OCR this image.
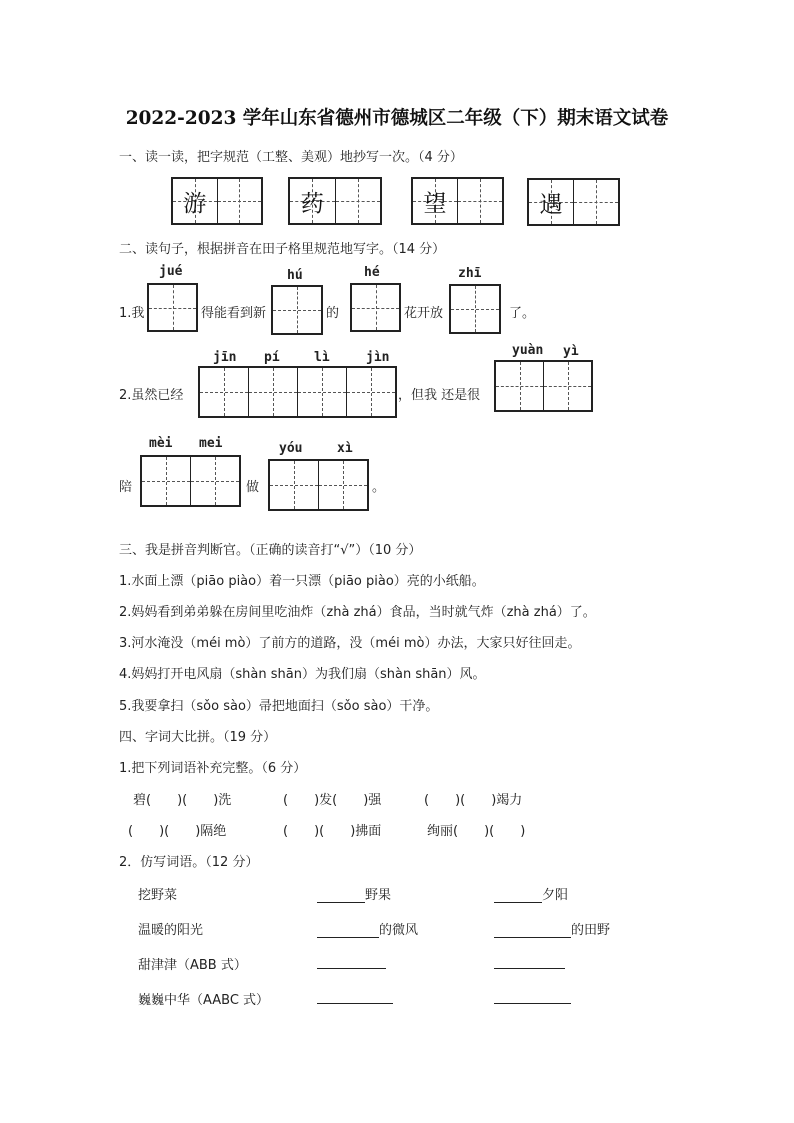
2022-2023 学年山东省德州市德城区二年级（下）期末语文试卷
一、读一读，把字规范（工整、美观）地抄写一次。（4 分）
游	药	望	遇
二、读句子，根据拼音在田子格里规范地写字。（14 分）
jué	hú	hé	zhī
1.我	得能看到新	的	花开放	了。
jīn pí	lì	jìn	yuàn yì
2.虽然已经	，但我 还是很
mèi mei	yóu	xì
陪	做	。
三、我是拼音判断官。（正确的读音打“√”）（10 分）
1.水面上漂（piāo piào）着一只漂（piāo piào）亮的小纸船。
2.妈妈看到弟弟躲在房间里吃油炸（zhà zhá）食品，当时就气炸（zhà zhá）了。
3.河水淹没（méi mò）了前方的道路，没（méi mò）办法，大家只好往回走。
4.妈妈打开电风扇（shàn shān）为我们扇（shàn shān）风。
5.我要拿扫（sǒo sào）帚把地面扫（sǒo sào）干净。
四、字词大比拼。（19 分）
1.把下列词语补充完整。（6 分）
碧(　　)(　　)洗	(　　)发(　　)强	(　　)(　　)竭力
(　　)(　　)隔绝	(　　)(　　)拂面	绚丽(　　)(　　)
2．仿写词语。（12 分）
挖野菜	野果	夕阳
温暖的阳光	的微风	的田野
甜津津（ABB 式）
巍巍中华（AABC 式）
